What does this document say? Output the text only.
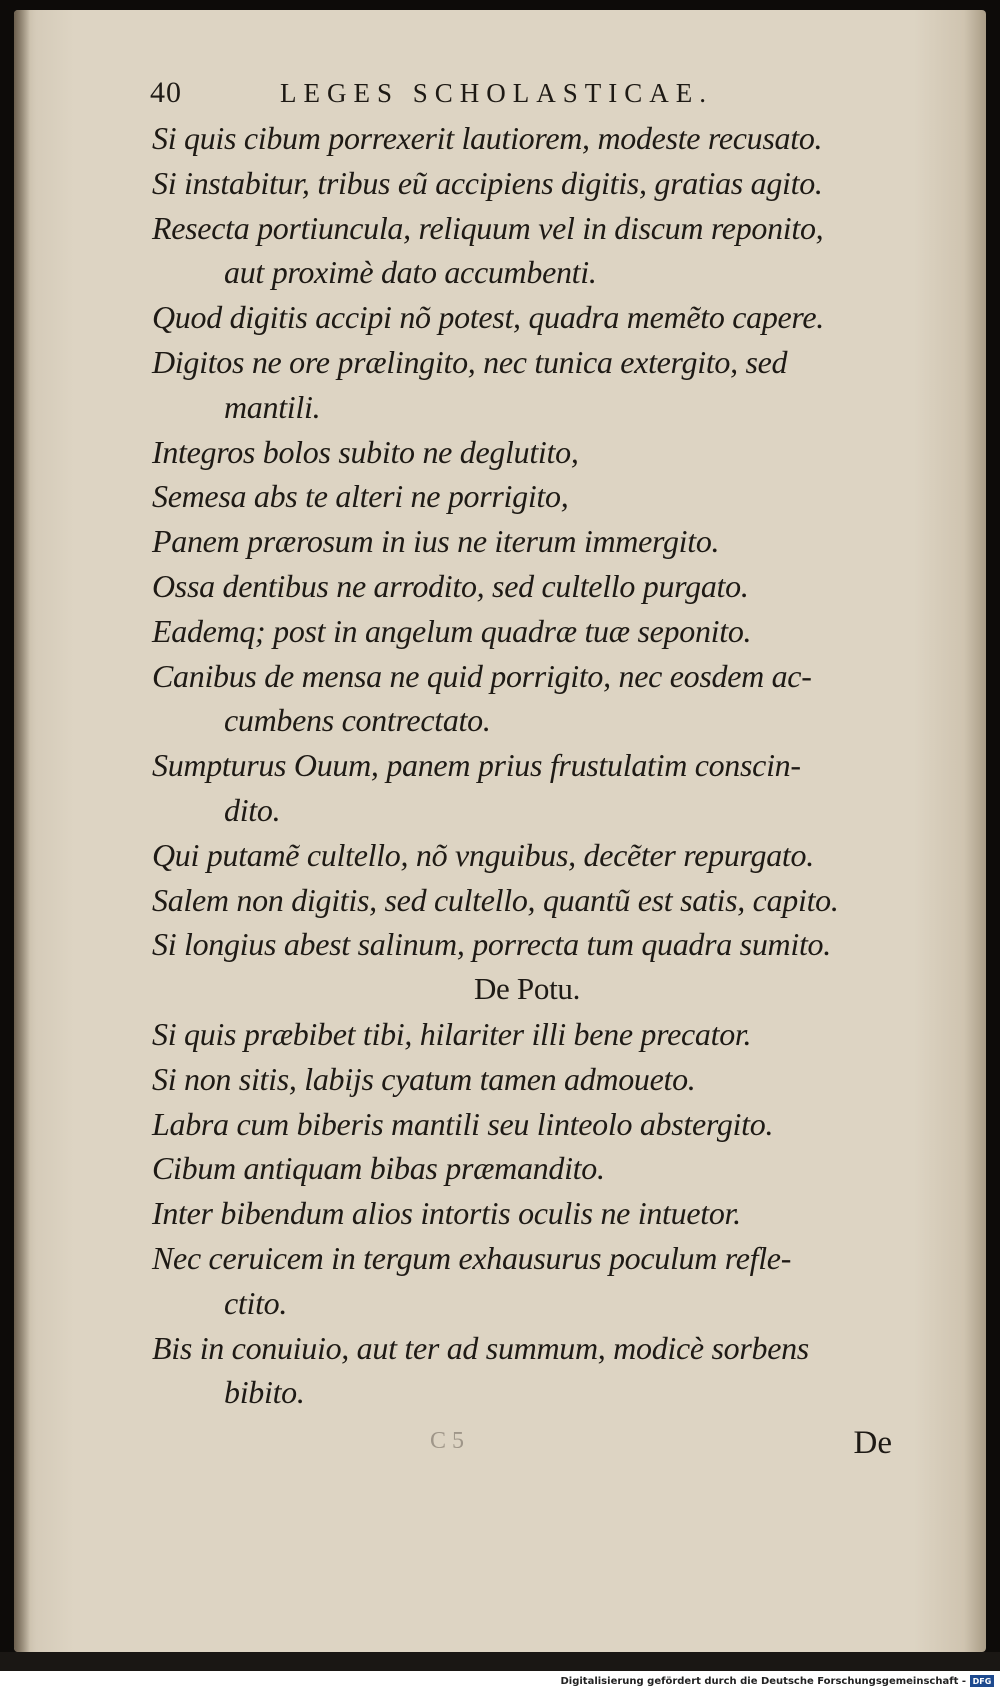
40	LEGES SCHOLASTICAE.
Si quis cibum porrexerit lautiorem, modeste recusato.
Si instabitur, tribus eũ accipiens digitis, gratias agito.
Resecta portiuncula, reliquum vel in discum reponito,
aut proximè dato accumbenti.
Quod digitis accipi nõ potest, quadra memẽto capere.
Digitos ne ore prælingito, nec tunica extergito, sed
mantili.
Integros bolos subito ne deglutito,
Semesa abs te alteri ne porrigito,
Panem prærosum in ius ne iterum immergito.
Ossa dentibus ne arrodito, sed cultello purgato.
Eademq; post in angelum quadræ tuæ seponito.
Canibus de mensa ne quid porrigito, nec eosdem ac-
cumbens contrectato.
Sumpturus Ouum, panem prius frustulatim conscin-
dito.
Qui putamẽ cultello, nõ vnguibus, decẽter repurgato.
Salem non digitis, sed cultello, quantũ est satis, capito.
Si longius abest salinum, porrecta tum quadra sumito.
De Potu.
Si quis præbibet tibi, hilariter illi bene precator.
Si non sitis, labijs cyatum tamen admoueto.
Labra cum biberis mantili seu linteolo abstergito.
Cibum antiquam bibas præmandito.
Inter bibendum alios intortis oculis ne intuetor.
Nec ceruicem in tergum exhausurus poculum refle-
ctito.
Bis in conuiuio, aut ter ad summum, modicè sorbens
bibito.
De
C 5
Digitalisierung gefördert durch die Deutsche Forschungsgemeinschaft - DFG
